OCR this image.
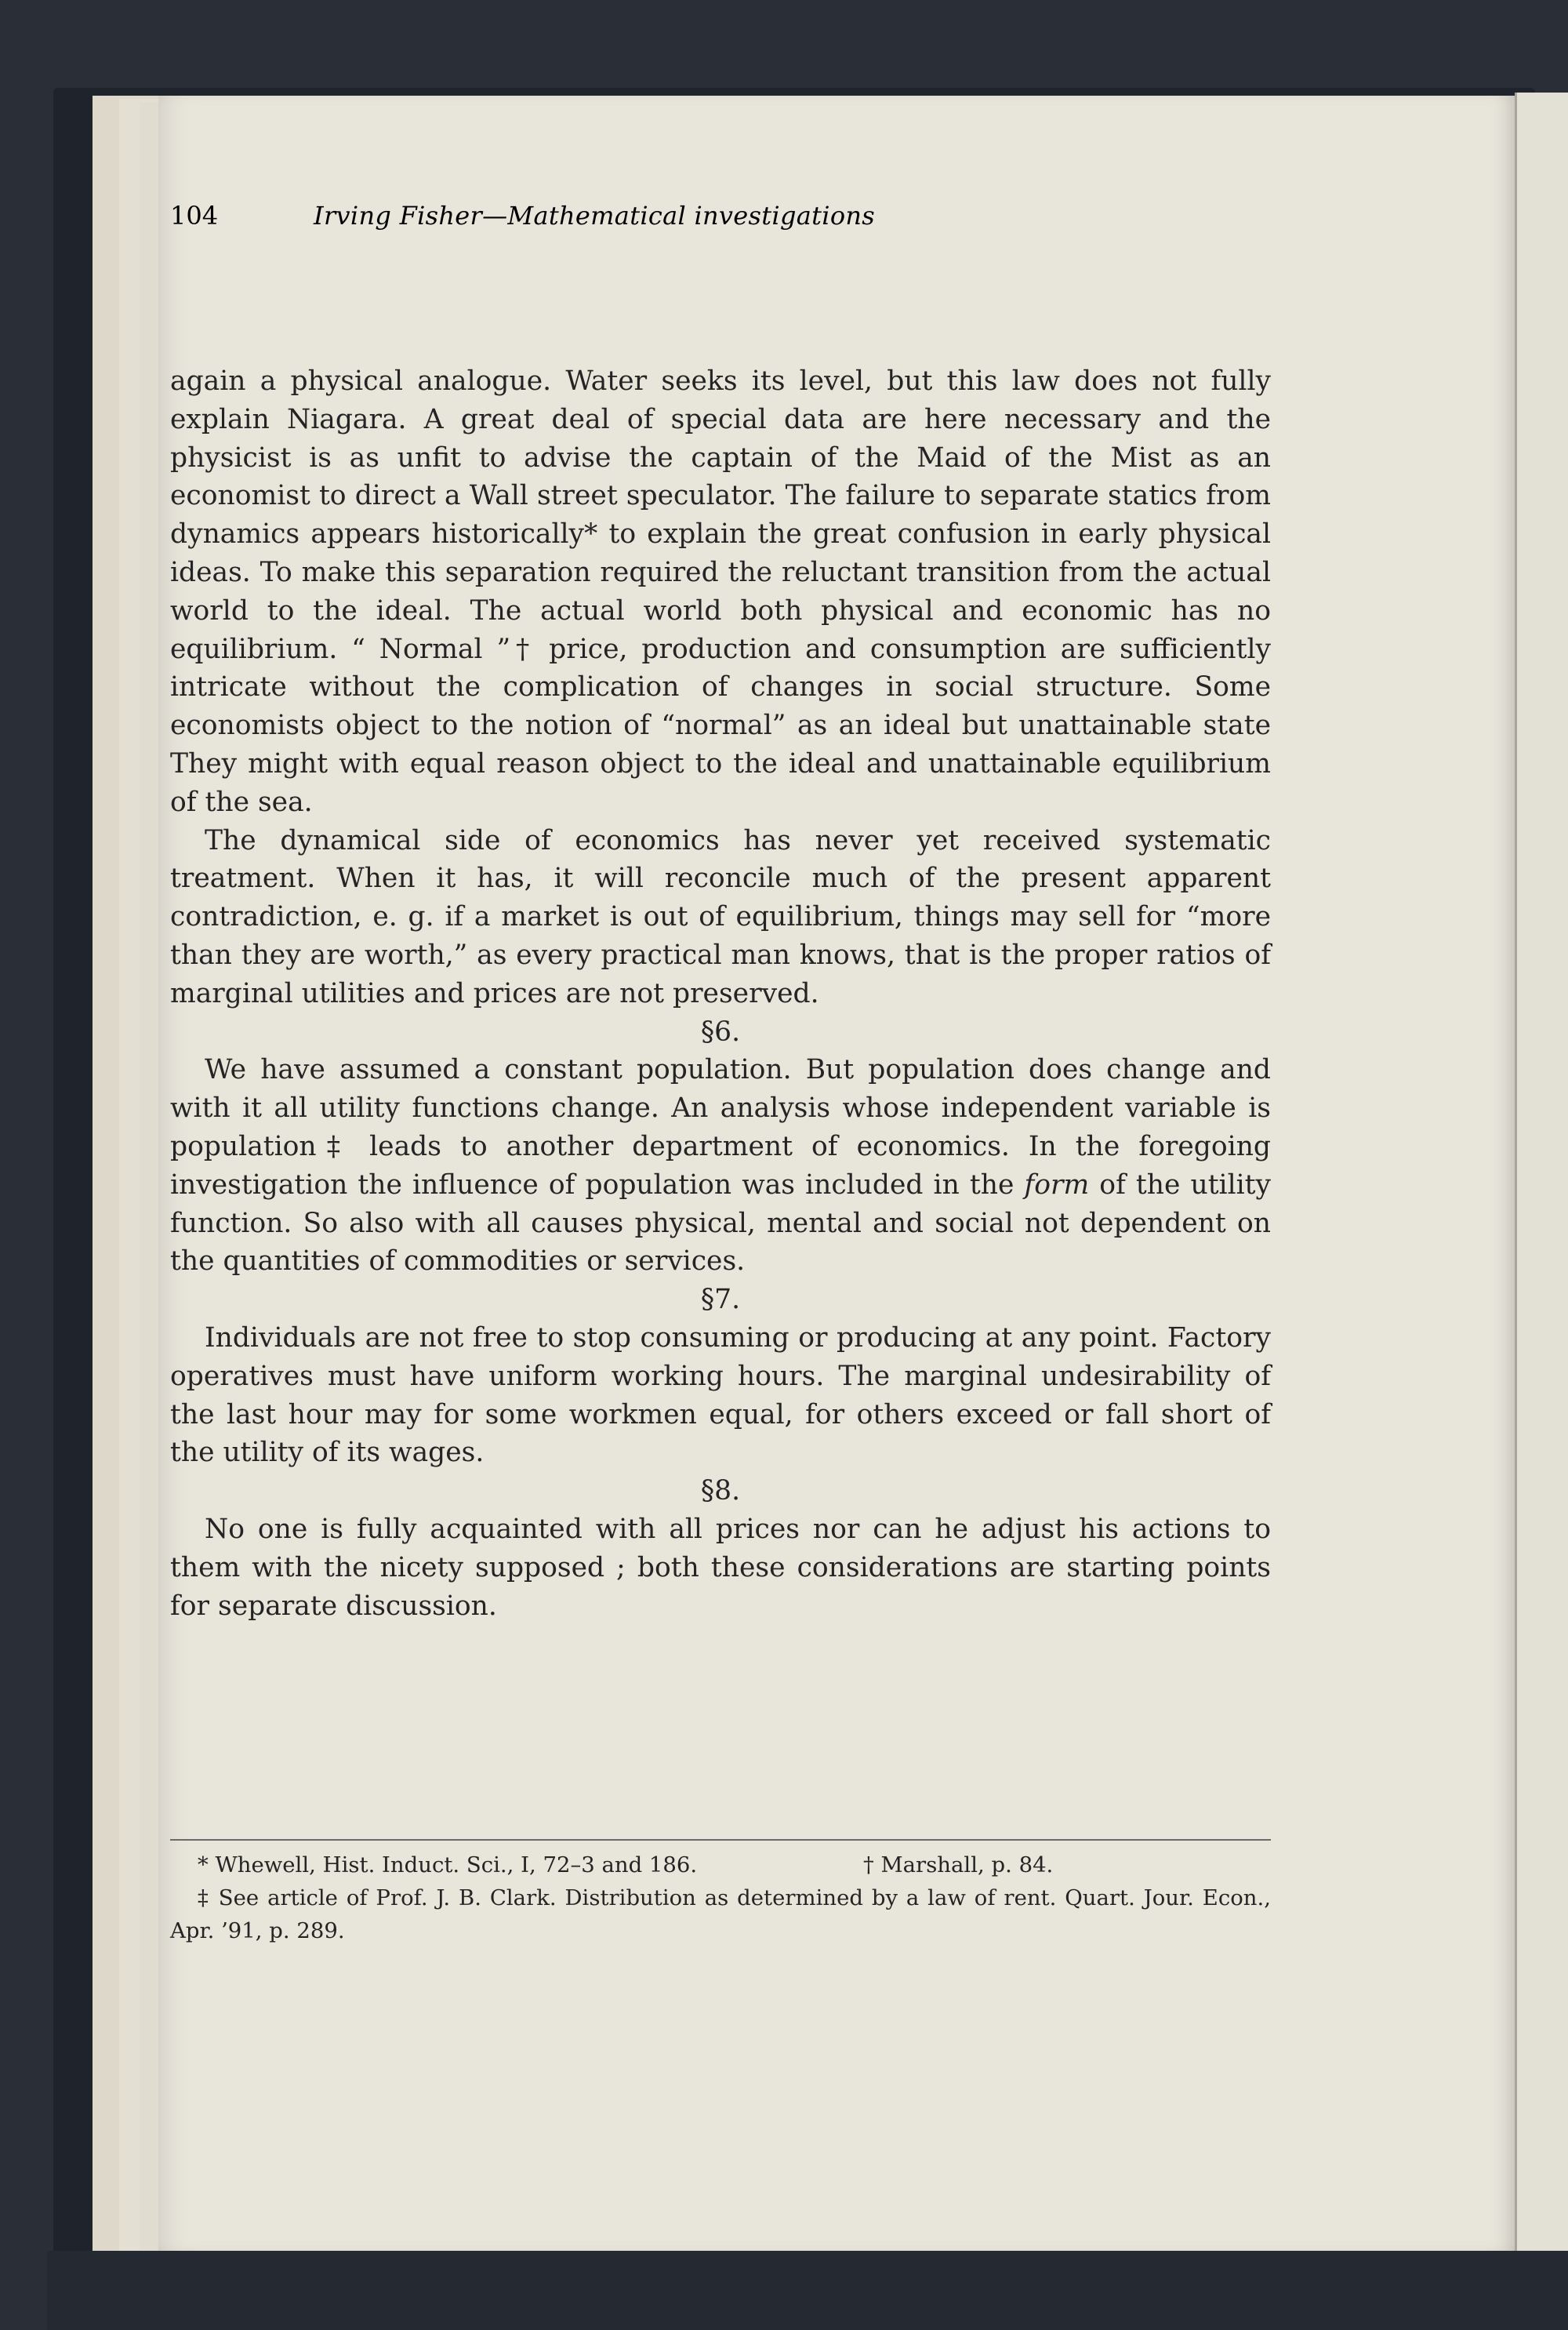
104	Irving Fisher—Mathematical investigations

again a physical analogue. Water seeks its level, but this law does not fully explain Niagara. A great deal of special data are here necessary and the physicist is as unfit to advise the captain of the Maid of the Mist as an economist to direct a Wall street speculator. The failure to separate statics from dynamics appears historically* to explain the great confusion in early physical ideas. To make this separation required the reluctant transition from the actual world to the ideal. The actual world both physical and economic has no equilibrium. “ Normal ”† price, production and consumption are sufficiently intricate without the complication of changes in social structure. Some economists object to the notion of “normal” as an ideal but unattainable state They might with equal reason object to the ideal and unattainable equilibrium of the sea.

The dynamical side of economics has never yet received systematic treatment. When it has, it will reconcile much of the present apparent contradiction, e. g. if a market is out of equilibrium, things may sell for “more than they are worth,” as every practical man knows, that is the proper ratios of marginal utilities and prices are not preserved.

§6.

We have assumed a constant population. But population does change and with it all utility functions change. An analysis whose independent variable is population‡ leads to another department of economics. In the foregoing investigation the influence of population was included in the form of the utility function. So also with all causes physical, mental and social not dependent on the quantities of commodities or services.

§7.

Individuals are not free to stop consuming or producing at any point. Factory operatives must have uniform working hours. The marginal undesirability of the last hour may for some workmen equal, for others exceed or fall short of the utility of its wages.

§8.

No one is fully acquainted with all prices nor can he adjust his actions to them with the nicety supposed ; both these considerations are starting points for separate discussion.

* Whewell, Hist. Induct. Sci., I, 72–3 and 186.	† Marshall, p. 84.

‡ See article of Prof. J. B. Clark. Distribution as determined by a law of rent. Quart. Jour. Econ., Apr. ’91, p. 289.
